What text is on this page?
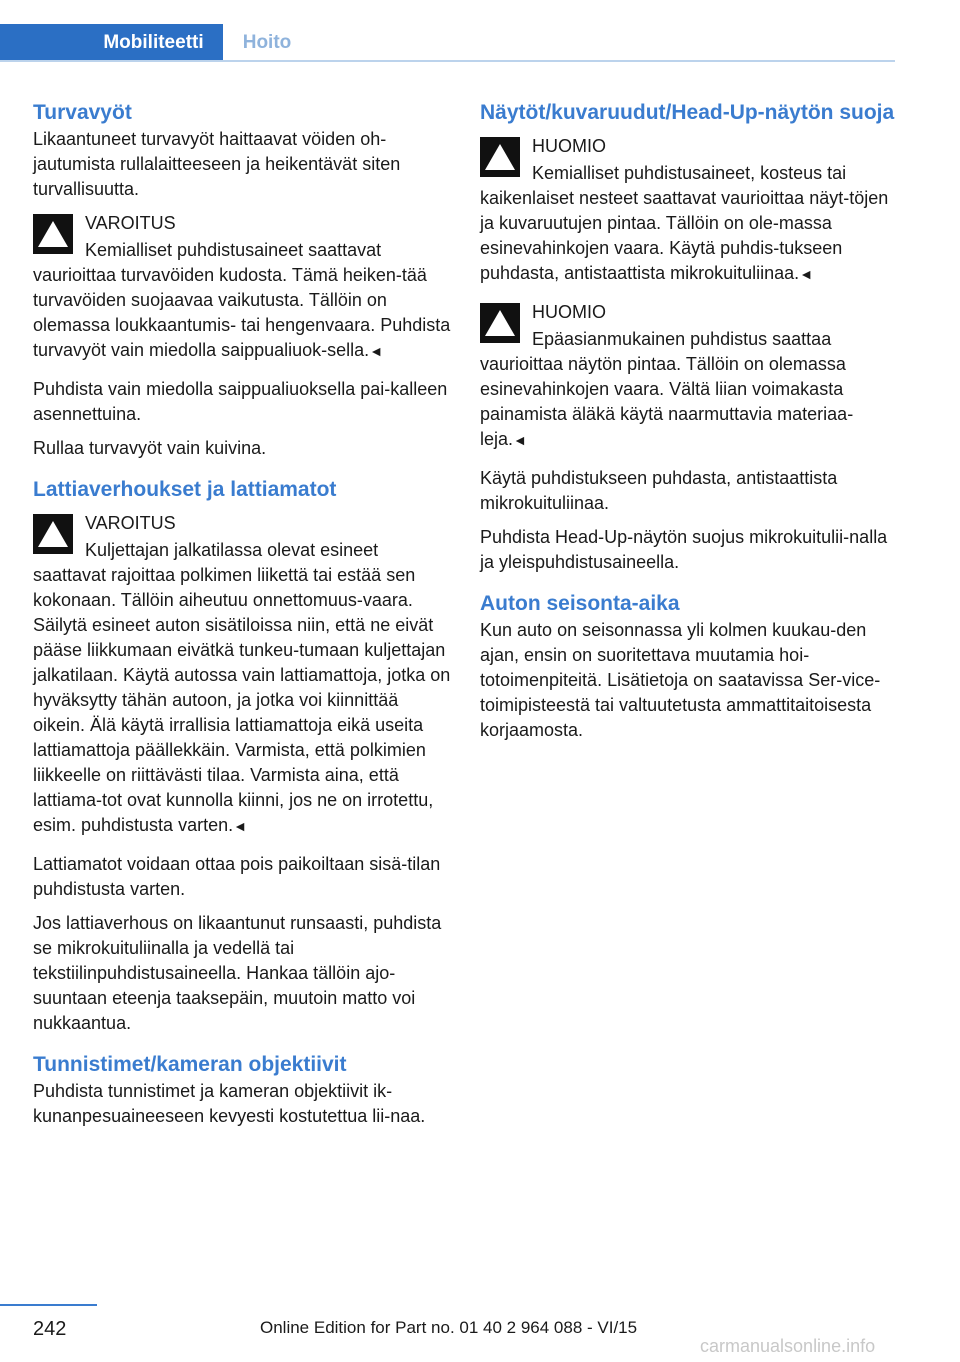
Mobiliteetti	Hoito
Turvavyöt

Likaantuneet turvavyöt haittaavat vöiden oh-jautumista rullalaitteeseen ja heikentävät siten turvallisuutta.

VAROITUS
Kemialliset puhdistusaineet saattavat vaurioittaa turvavöiden kudosta. Tämä heiken-tää turvavöiden suojaavaa vaikutusta. Tällöin on olemassa loukkaantumis- tai hengenvaara. Puhdista turvavyöt vain miedolla saippualiuok-sella.◄

Puhdista vain miedolla saippualiuoksella pai-kalleen asennettuina.

Rullaa turvavyöt vain kuivina.

Lattiaverhoukset ja lattiamatot
VAROITUS
Kuljettajan jalkatilassa olevat esineet saattavat rajoittaa polkimen liikettä tai estää sen kokonaan. Tällöin aiheutuu onnettomuus-vaara. Säilytä esineet auton sisätiloissa niin, että ne eivät pääse liikkumaan eivätkä tunkeu-tumaan kuljettajan jalkatilaan. Käytä autossa vain lattiamattoja, jotka on hyväksytty tähän autoon, ja jotka voi kiinnittää oikein. Älä käytä irrallisia lattiamattoja eikä useita lattiamattoja päällekkäin. Varmista, että polkimien liikkeelle on riittävästi tilaa. Varmista aina, että lattiama-tot ovat kunnolla kiinni, jos ne on irrotettu, esim. puhdistusta varten.◄

Lattiamatot voidaan ottaa pois paikoiltaan sisä-tilan puhdistusta varten.

Jos lattiaverhous on likaantunut runsaasti, puhdista se mikrokuituliinalla ja vedellä tai tekstiilinpuhdistusaineella. Hankaa tällöin ajo-suuntaan eteenja taaksepäin, muutoin matto voi nukkaantua.

Tunnistimet/kameran objektiivit

Puhdista tunnistimet ja kameran objektiivit ik-kunanpesuaineeseen kevyesti kostutettua lii-naa.

Näytöt/kuvaruudut/Head-Up-näytön suoja
HUOMIO
Kemialliset puhdistusaineet, kosteus tai kaikenlaiset nesteet saattavat vaurioittaa näyt-töjen ja kuvaruutujen pintaa. Tällöin on ole-massa esinevahinkojen vaara. Käytä puhdis-tukseen puhdasta, antistaattista mikrokuituliinaa.◄
HUOMIO
Epäasianmukainen puhdistus saattaa vaurioittaa näytön pintaa. Tällöin on olemassa esinevahinkojen vaara. Vältä liian voimakasta painamista äläkä käytä naarmuttavia materiaa-leja.◄

Käytä puhdistukseen puhdasta, antistaattista mikrokuituliinaa.

Puhdista Head-Up-näytön suojus mikrokuitulii-nalla ja yleispuhdistusaineella.

Auton seisonta-aika

Kun auto on seisonnassa yli kolmen kuukau-den ajan, ensin on suoritettava muutamia hoi-totoimenpiteitä. Lisätietoja on saatavissa Ser-vice-toimipisteestä tai valtuutetusta ammattitaitoisesta korjaamosta.

242	Online Edition for Part no. 01 40 2 964 088 - VI/15
carmanualsonline.info
